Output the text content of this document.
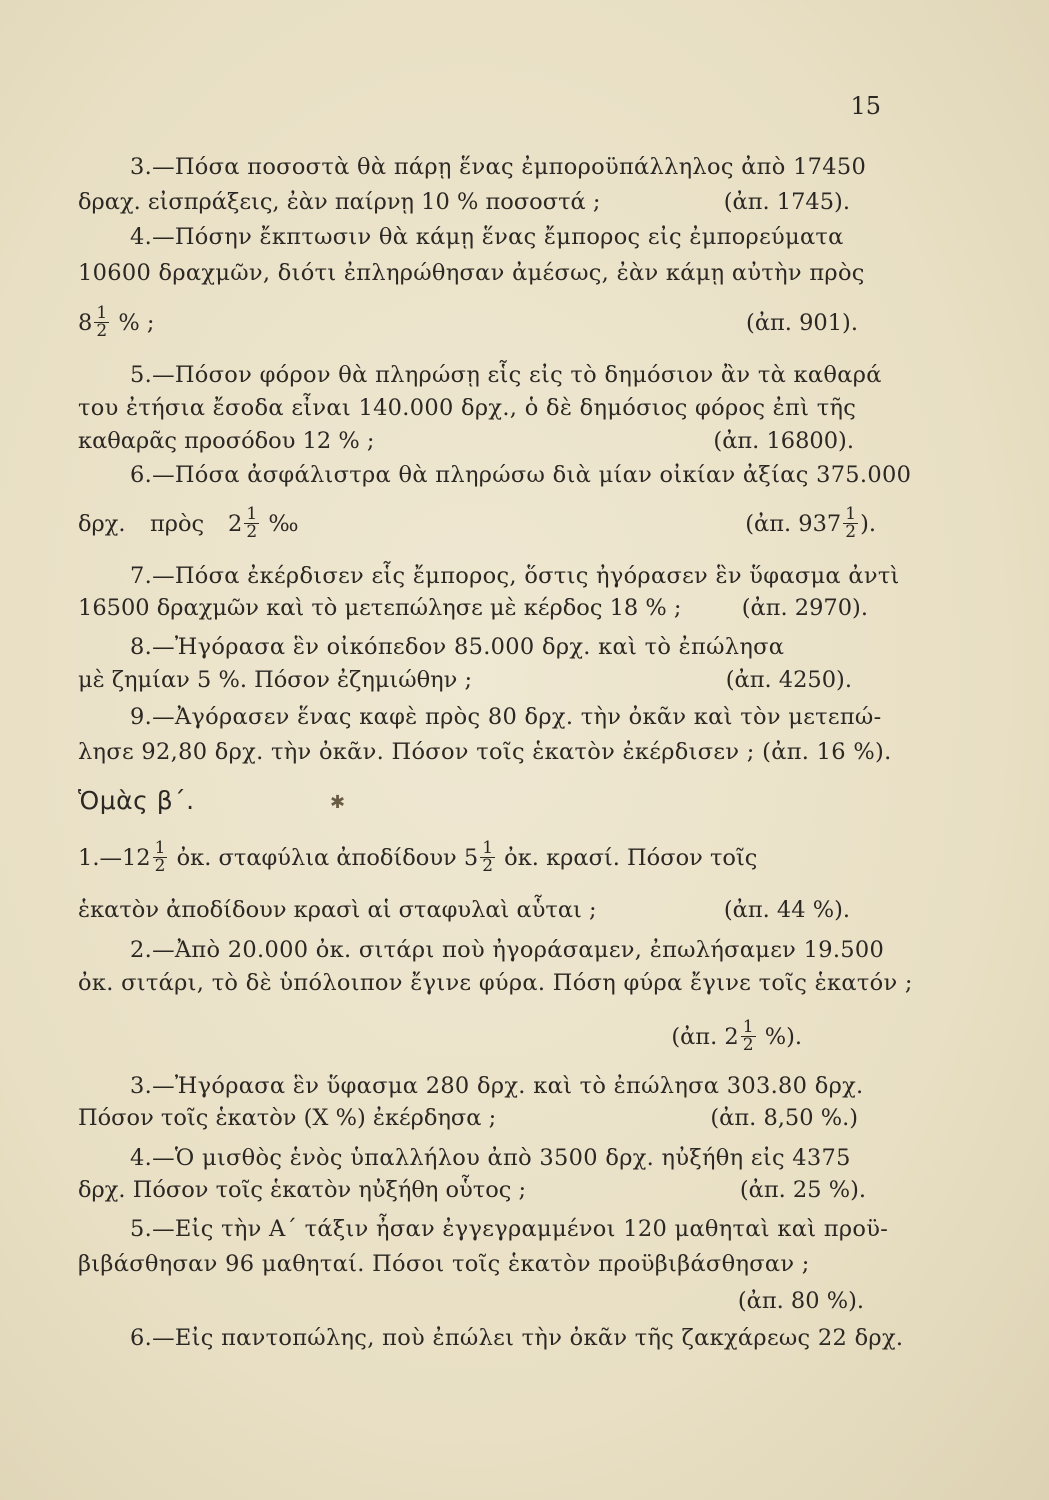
15
3.—Πόσα ποσοστὰ θὰ πάρῃ ἕνας ἐμπορoϋπάλληλος ἀπὸ 17450
δραχ. εἰσπράξεις, ἐὰν παίρνῃ 10 % ποσοστά ;	(ἀπ. 1745).
4.—Πόσην ἔκπτωσιν θὰ κάμῃ ἕνας ἔμπορος εἰς ἐμπορεύματα
10600 δραχμῶν, διότι ἐπληρώθησαν ἀμέσως, ἐὰν κάμῃ αὐτὴν πρὸς
$8 \frac{1}{2}$ % ;	(ἀπ. 901).
5.—Πόσον φόρον θὰ πληρώσῃ εἷς εἰς τὸ δημόσιον ἂν τὰ καθαρά
του ἐτήσια ἔσοδα εἶναι 140.000 δρχ., ὁ δὲ δημόσιος φόρος ἐπὶ τῆς
καθαρᾶς προσόδου 12 % ;	(ἀπ. 16800).
6.—Πόσα ἀσφάλιστρα θὰ πληρώσω διὰ μίαν οἰκίαν ἀξίας 375.000
δρχ. πρὸς $2 \frac{1}{2}$ ‰	(ἀπ. $937 \frac{1}{2}$ ).
7.—Πόσα ἐκέρδισεν εἷς ἔμπορος, ὅστις ἠγόρασεν ἓν ὕφασμα ἀντὶ
16500 δραχμῶν καὶ τὸ μετεπώλησε μὲ κέρδος 18 % ;	(ἀπ. 2970).
8.—Ἠγόρασα ἓν οἰκόπεδον 85.000 δρχ. καὶ τὸ ἐπώλησα
μὲ ζημίαν 5 %. Πόσον ἐζημιώθην ;	(ἀπ. 4250).
9.—Ἀγόρασεν ἕνας καφὲ πρὸς 80 δρχ. τὴν ὀκᾶν καὶ τὸν μετεπώ-
λησε 92,80 δρχ. τὴν ὀκᾶν. Πόσον τοῖς ἑκατὸν ἐκέρδισεν ; (ἀπ. 16 %).
Ὁμὰς β΄.	✱
1.—12 $\frac{1}{2}$ ὀκ. σταφύλια ἀποδίδουν $5 \frac{1}{2}$ ὀκ. κρασί. Πόσον τοῖς
ἑκατὸν ἀποδίδουν κρασὶ αἱ σταφυλαὶ αὗται ;	(ἀπ. 44 %).
2.—Ἀπὸ 20.000 ὀκ. σιτάρι ποὺ ἠγοράσαμεν, ἐπωλήσαμεν 19.500
ὀκ. σιτάρι, τὸ δὲ ὑπόλοιπον ἔγινε φύρα. Πόση φύρα ἔγινε τοῖς ἑκατόν ;
(ἀπ. $2 \frac{1}{2}$ %).
3.—Ἠγόρασα ἓν ὕφασμα 280 δρχ. καὶ τὸ ἐπώλησα 303.80 δρχ.
Πόσον τοῖς ἑκατὸν (Χ %) ἐκέρδησα ;	(ἀπ. 8,50 %.)
4.—Ὁ μισθὸς ἑνὸς ὑπαλλήλου ἀπὸ 3500 δρχ. ηὐξήθη εἰς 4375
δρχ. Πόσον τοῖς ἑκατὸν ηὐξήθη οὗτος ;	(ἀπ. 25 %).
5.—Εἰς τὴν Α΄ τάξιν ἦσαν ἐγγεγραμμένοι 120 μαθηταὶ καὶ προϋ-
βιβάσθησαν 96 μαθηταί. Πόσοι τοῖς ἑκατὸν προϋβιβάσθησαν ;
(ἀπ. 80 %).
6.—Εἰς παντοπώλης, ποὺ ἐπώλει τὴν ὀκᾶν τῆς ζακχάρεως 22 δρχ.
